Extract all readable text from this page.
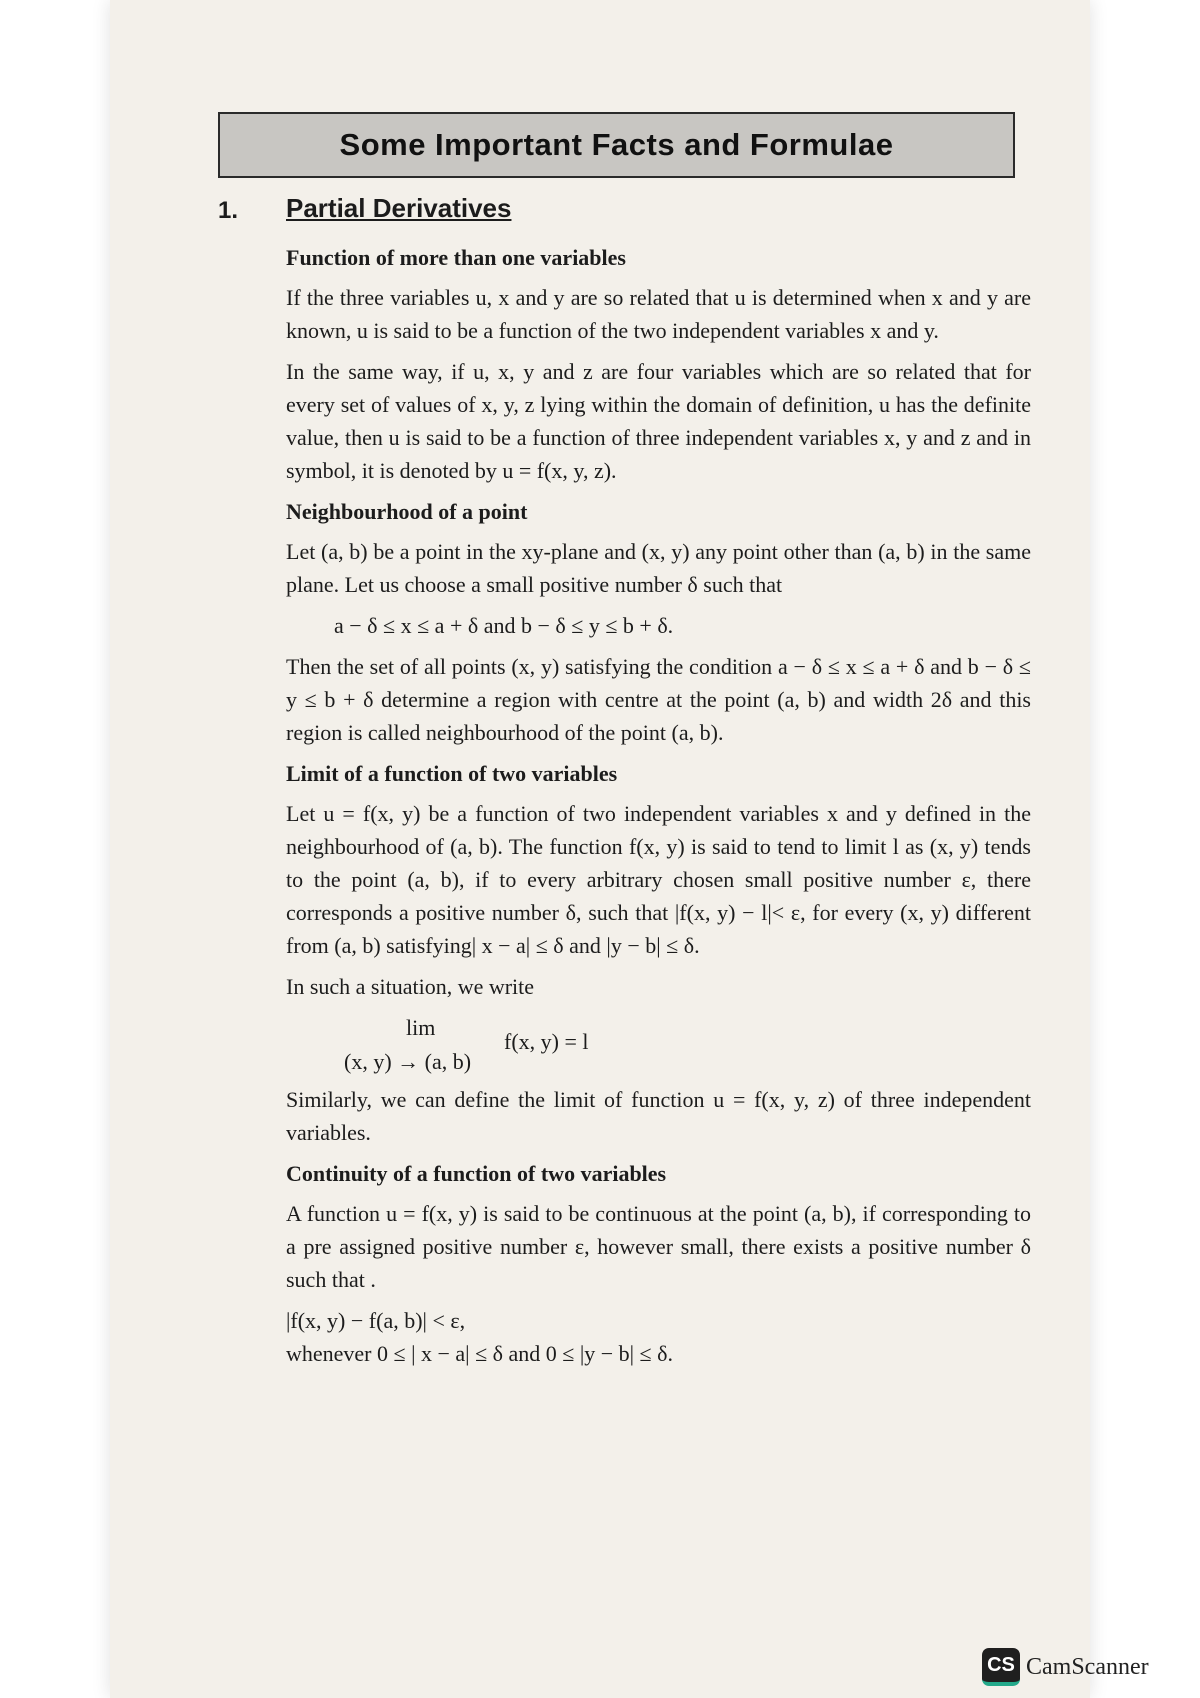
Some Important Facts and Formulae
1. Partial Derivatives
Function of more than one variables

If the three variables u, x and y are so related that u is determined when x and y are known, u is said to be a function of the two independent variables x and y.

In the same way, if u, x, y and z are four variables which are so related that for every set of values of x, y, z lying within the domain of definition, u has the definite value, then u is said to be a function of three independent variables x, y and z and in symbol, it is denoted by u = f(x, y, z).

Neighbourhood of a point

Let (a, b) be a point in the xy-plane and (x, y) any point other than (a, b) in the same plane. Let us choose a small positive number δ such that

a − δ ≤ x ≤ a + δ and b − δ ≤ y ≤ b + δ.

Then the set of all points (x, y) satisfying the condition a − δ ≤ x ≤ a + δ and b − δ ≤ y ≤ b + δ determine a region with centre at the point (a, b) and width 2δ and this region is called neighbourhood of the point (a, b).

Limit of a function of two variables

Let u = f(x, y) be a function of two independent variables x and y defined in the neighbourhood of (a, b). The function f(x, y) is said to tend to limit l as (x, y) tends to the point (a, b), if to every arbitrary chosen small positive number ε, there corresponds a positive number δ, such that |f(x, y) − l|< ε, for every (x, y) different from (a, b) satisfying| x − a| ≤ δ and |y − b| ≤ δ.

In such a situation, we write

lim
(x, y) → (a, b)
f(x, y) = l

Similarly, we can define the limit of function u = f(x, y, z) of three independent variables.

Continuity of a function of two variables

A function u = f(x, y) is said to be continuous at the point (a, b), if corresponding to a pre assigned positive number ε, however small, there exists a positive number δ such that .

|f(x, y) − f(a, b)| < ε,

whenever 0 ≤ | x − a| ≤ δ and 0 ≤ |y − b| ≤ δ.

CS CamScanner
